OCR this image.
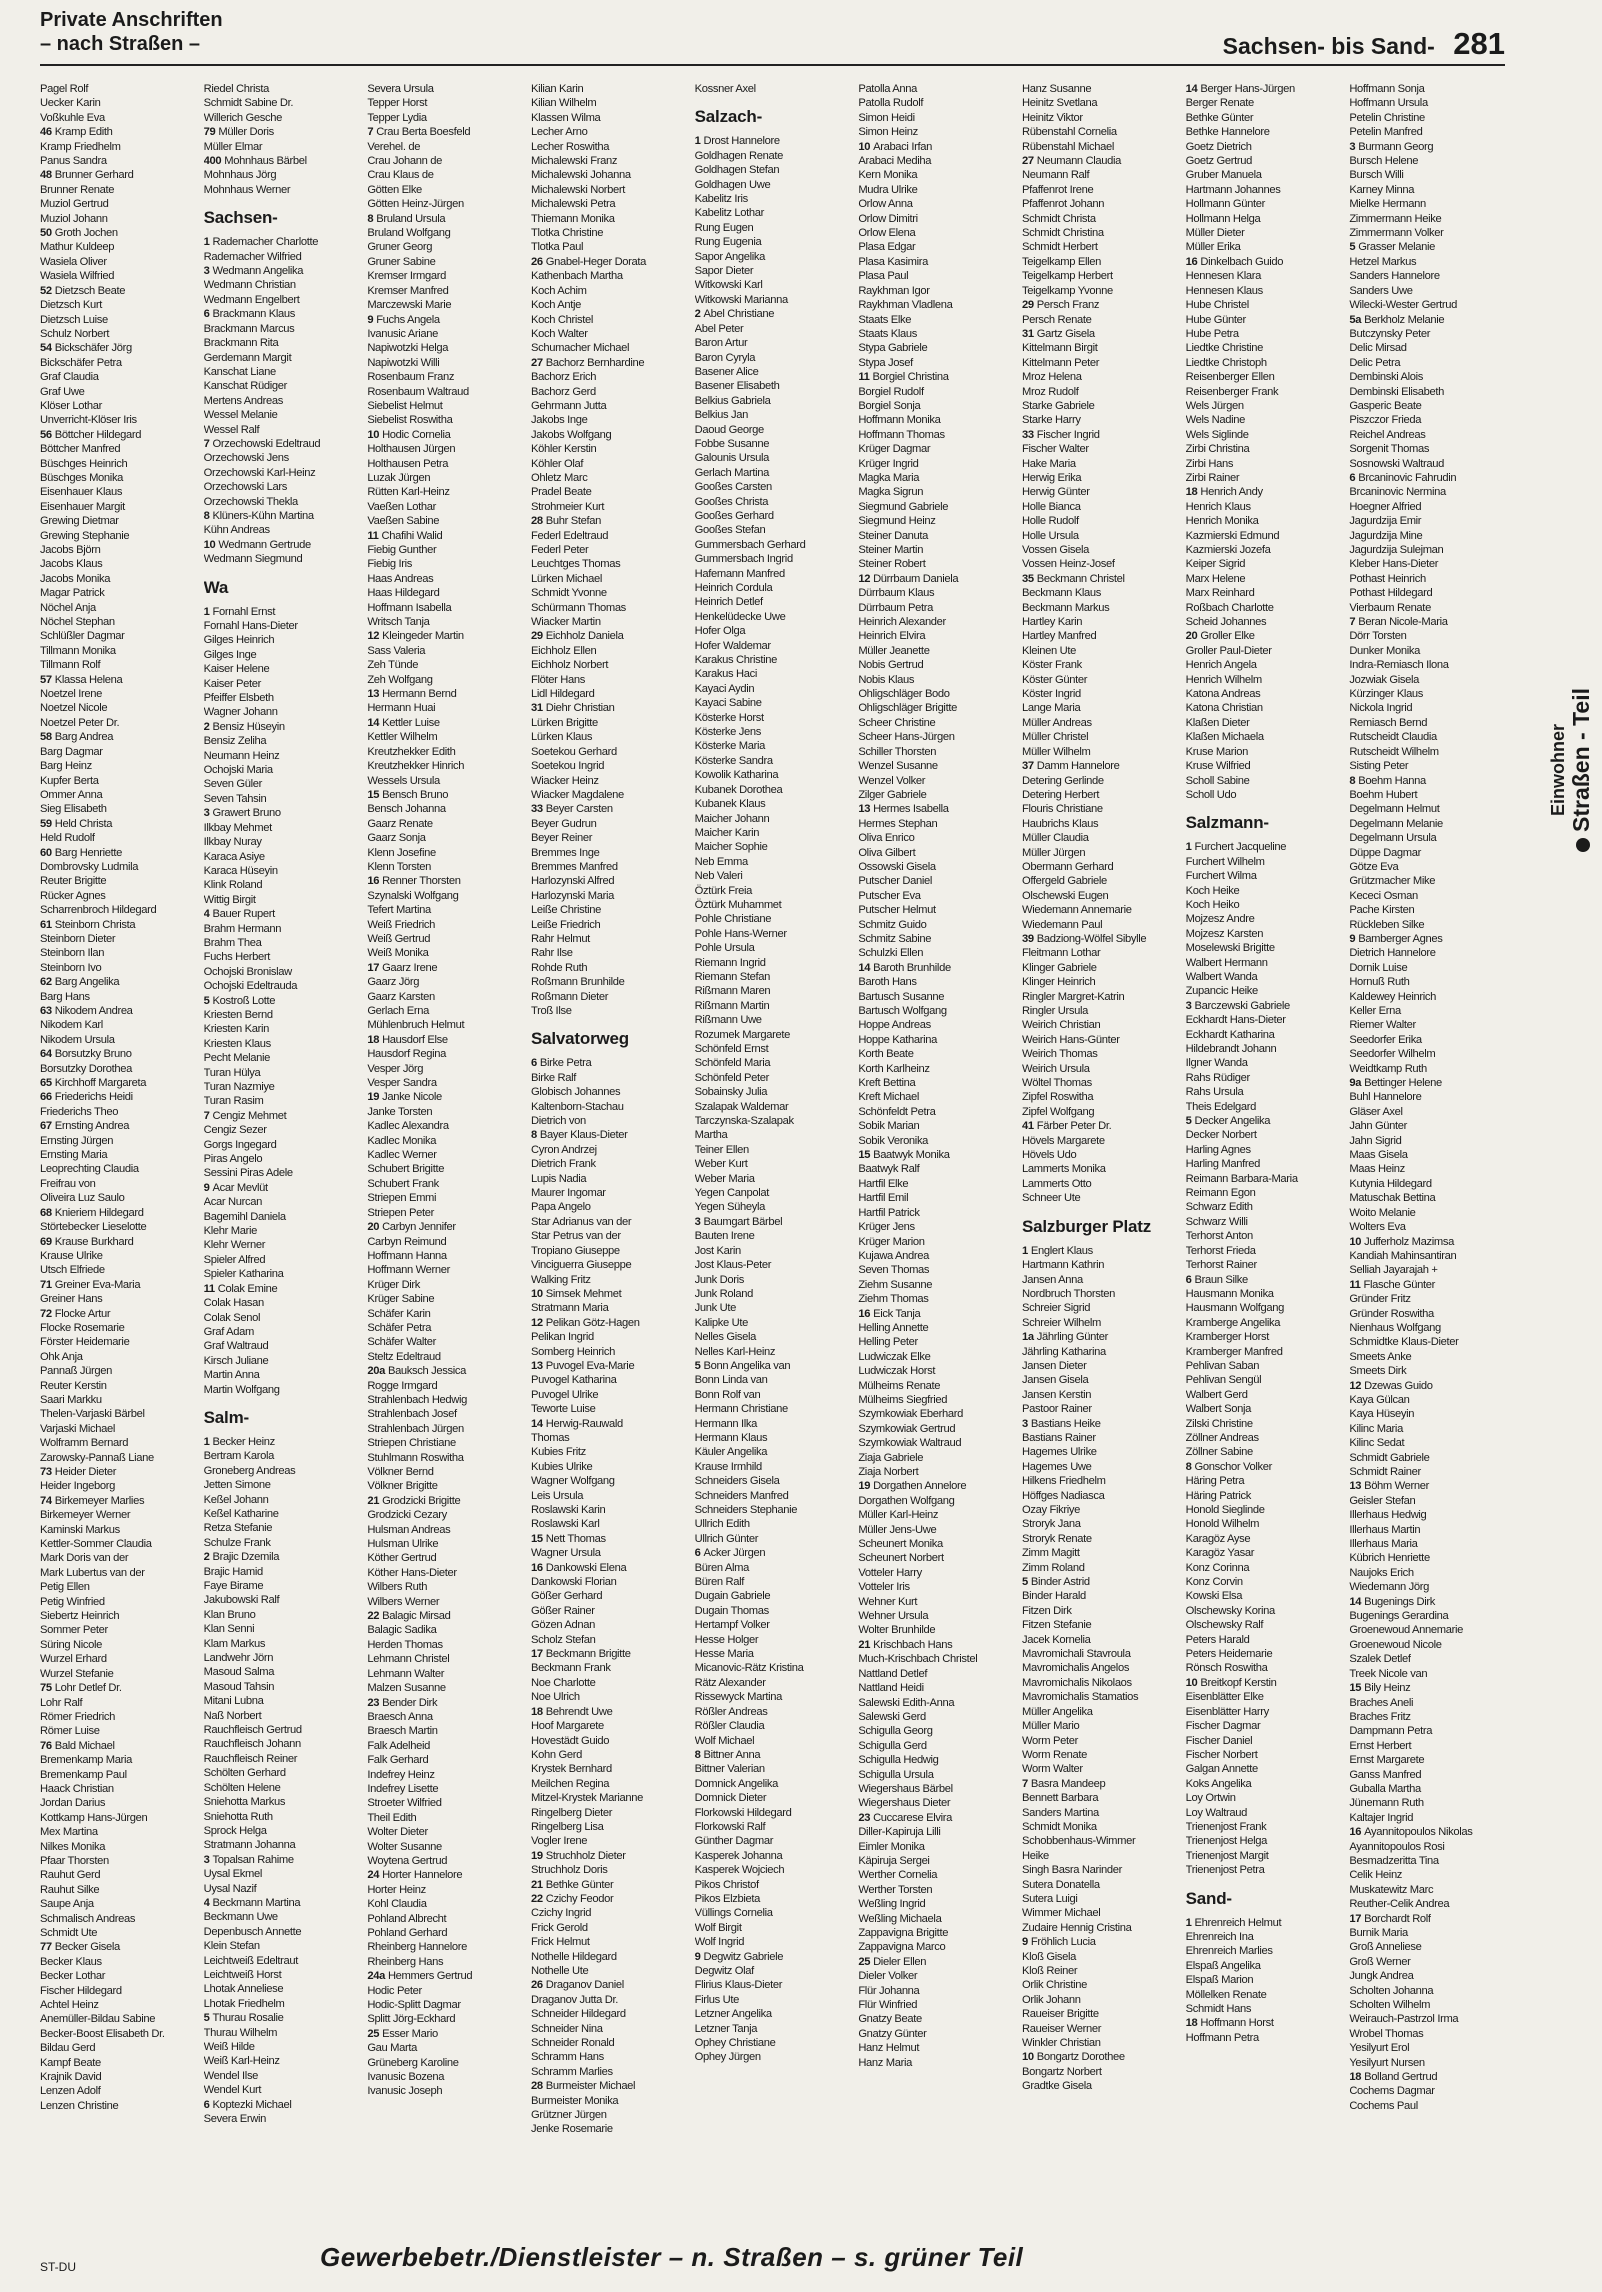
Private Anschriften
– nach Straßen –	Sachsen- bis Sand- 281
Pagel Rolf
Uecker Karin
Voßkuhle Eva
46 Kramp Edith
Kramp Friedhelm
Panus Sandra
48 Brunner Gerhard
Brunner Renate
Muziol Gertrud
Muziol Johann
50 Groth Jochen
Mathur Kuldeep
Wasiela Oliver
Wasiela Wilfried
52 Dietzsch Beate
Dietzsch Kurt
Dietzsch Luise
Schulz Norbert
54 Bickschäfer Jörg
Bickschäfer Petra
Graf Claudia
Graf Uwe
Klöser Lothar
Unverricht-Klöser Iris
56 Böttcher Hildegard
Böttcher Manfred
Büschges Heinrich
Büschges Monika
Eisenhauer Klaus
Eisenhauer Margit
Grewing Dietmar
Grewing Stephanie
Jacobs Björn
Jacobs Klaus
Jacobs Monika
Magar Patrick
Nöchel Anja
Nöchel Stephan
Schlüßler Dagmar
Tillmann Monika
Tillmann Rolf
57 Klassa Helena
Noetzel Irene
Noetzel Nicole
Noetzel Peter Dr.
58 Barg Andrea
Barg Dagmar
Barg Heinz
Kupfer Berta
Ommer Anna
Sieg Elisabeth
59 Held Christa
Held Rudolf
60 Barg Henriette
Dombrovsky Ludmila
Reuter Brigitte
Rücker Agnes
Scharrenbroch Hildegard
61 Steinborn Christa
Steinborn Dieter
Steinborn Ilan
Steinborn Ivo
62 Barg Angelika
Barg Hans
63 Nikodem Andrea
Nikodem Karl
Nikodem Ursula
64 Borsutzky Bruno
Borsutzky Dorothea
65 Kirchhoff Margareta
66 Friederichs Heidi
Friederichs Theo
67 Ernsting Andrea
Ernsting Jürgen
Ernsting Maria
Leoprechting Claudia
Freifrau von
Oliveira Luz Saulo
68 Knieriem Hildegard
Störtebecker Lieselotte
69 Krause Burkhard
Krause Ulrike
Utsch Elfriede
71 Greiner Eva-Maria
Greiner Hans
72 Flocke Artur
Flocke Rosemarie
Förster Heidemarie
Ohk Anja
Pannaß Jürgen
Reuter Kerstin
Saari Markku
Thelen-Varjaski Bärbel
Varjaski Michael
Wolframm Bernard
Zarowsky-Pannaß Liane
73 Heider Dieter
Heider Ingeborg
74 Birkemeyer Marlies
Birkemeyer Werner
Kaminski Markus
Kettler-Sommer Claudia
Mark Doris van der
Mark Lubertus van der
Petig Ellen
Petig Winfried
Siebertz Heinrich
Sommer Peter
Süring Nicole
Wurzel Erhard
Wurzel Stefanie
75 Lohr Detlef Dr.
Lohr Ralf
Römer Friedrich
Römer Luise
76 Bald Michael
Bremenkamp Maria
Bremenkamp Paul
Haack Christian
Jordan Darius
Kottkamp Hans-Jürgen
Mex Martina
Nilkes Monika
Pfaar Thorsten
Rauhut Gerd
Rauhut Silke
Saupe Anja
Schmalisch Andreas
Schmidt Ute
77 Becker Gisela
Becker Klaus
Becker Lothar
Fischer Hildegard
Achtel Heinz
Anemüller-Bildau Sabine
Becker-Boost Elisabeth Dr.
Bildau Gerd
Kampf Beate
Krajnik David
Lenzen Adolf
Lenzen Christine
Riedel Christa
Schmidt Sabine Dr.
Willerich Gesche
79 Müller Doris
Müller Elmar
400 Mohnhaus Bärbel
Mohnhaus Jörg
Mohnhaus Werner
Sachsen-
1 Rademacher Charlotte
Rademacher Wilfried
3 Wedmann Angelika
Wedmann Christian
Wedmann Engelbert
6 Brackmann Klaus
Brackmann Marcus
Brackmann Rita
Gerdemann Margit
Kanschat Liane
Kanschat Rüdiger
Mertens Andreas
Wessel Melanie
Wessel Ralf
7 Orzechowski Edeltraud
Orzechowski Jens
Orzechowski Karl-Heinz
Orzechowski Lars
Orzechowski Thekla
8 Klüners-Kühn Martina
Kühn Andreas
10 Wedmann Gertrude
Wedmann Siegmund
Wa
1 Fornahl Ernst
Fornahl Hans-Dieter
Gilges Heinrich
Gilges Inge
Kaiser Helene
Kaiser Peter
Pfeiffer Elsbeth
Wagner Johann
2 Bensiz Hüseyin
Bensiz Zeliha
Neumann Heinz
Ochojski Maria
Seven Güler
Seven Tahsin
3 Grawert Bruno
Ilkbay Mehmet
Ilkbay Nuray
Karaca Asiye
Karaca Hüseyin
Klink Roland
Wittig Birgit
4 Bauer Rupert
Brahm Hermann
Brahm Thea
Fuchs Herbert
Ochojski Bronislaw
Ochojski Edeltrauda
5 Kostroß Lotte
Kriesten Bernd
Kriesten Karin
Kriesten Klaus
Pecht Melanie
Turan Hülya
Turan Nazmiye
Turan Rasim
7 Cengiz Mehmet
Cengiz Sezer
Gorgs Ingegard
Piras Angelo
Sessini Piras Adele
9 Acar Mevlüt
Acar Nurcan
Bagemihl Daniela
Klehr Marie
Klehr Werner
Spieler Alfred
Spieler Katharina
11 Colak Emine
Colak Hasan
Colak Senol
Graf Adam
Graf Waltraud
Kirsch Juliane
Martin Anna
Martin Wolfgang
Salm-
1 Becker Heinz
Bertram Karola
Groneberg Andreas
Jetten Simone
Keßel Johann
Keßel Katharine
Retza Stefanie
Schulze Frank
2 Brajic Dzemila
Brajic Hamid
Faye Birame
Jakubowski Ralf
Klan Bruno
Klan Senni
Klam Markus
Landwehr Jörn
Masoud Salma
Masoud Tahsin
Mitani Lubna
Naß Norbert
Rauchfleisch Gertrud
Rauchfleisch Johann
Rauchfleisch Reiner
Schölten Gerhard
Schölten Helene
Sniehotta Markus
Sniehotta Ruth
Sprock Helga
Stratmann Johanna
3 Topalsan Rahime
Uysal Ekmel
Uysal Nazif
4 Beckmann Martina
Beckmann Uwe
Depenbusch Annette
Klein Stefan
Leichtweiß Edeltraut
Leichtweiß Horst
Lhotak Anneliese
Lhotak Friedhelm
5 Thurau Rosalie
Thurau Wilhelm
Weiß Hilde
Weiß Karl-Heinz
Wendel Ilse
Wendel Kurt
6 Koptezki Michael
Severa Erwin
Severa Ursula
Tepper Horst
Tepper Lydia
7 Crau Berta Boesfeld
Verehel. de
Crau Johann de
Crau Klaus de
Götten Elke
Götten Heinz-Jürgen
8 Bruland Ursula
Bruland Wolfgang
Gruner Georg
Gruner Sabine
Kremser Irmgard
Kremser Manfred
Marczewski Marie
9 Fuchs Angela
Ivanusic Ariane
Napiwotzki Helga
Napiwotzki Willi
Rosenbaum Franz
Rosenbaum Waltraud
Siebelist Helmut
Siebelist Roswitha
10 Hodic Cornelia
Holthausen Jürgen
Holthausen Petra
Luzak Jürgen
Rütten Karl-Heinz
Vaeßen Lothar
Vaeßen Sabine
11 Chafihi Walid
Fiebig Gunther
Fiebig Iris
Haas Andreas
Haas Hildegard
Hoffmann Isabella
Writsch Tanja
12 Kleingeder Martin
Sass Valeria
Zeh Tünde
Zeh Wolfgang
13 Hermann Bernd
Hermann Huai
14 Kettler Luise
Kettler Wilhelm
Kreutzhekker Edith
Kreutzhekker Hinrich
Wessels Ursula
15 Bensch Bruno
Bensch Johanna
Gaarz Renate
Gaarz Sonja
Klenn Josefine
Klenn Torsten
16 Renner Thorsten
Szynalski Wolfgang
Tefert Martina
Weiß Friedrich
Weiß Gertrud
Weiß Monika
17 Gaarz Irene
Gaarz Jörg
Gaarz Karsten
Gerlach Erna
Mühlenbruch Helmut
18 Hausdorf Else
Hausdorf Regina
Vesper Jörg
Vesper Sandra
19 Janke Nicole
Janke Torsten
Kadlec Alexandra
Kadlec Monika
Kadlec Werner
Schubert Brigitte
Schubert Frank
Striepen Emmi
Striepen Peter
20 Carbyn Jennifer
Carbyn Reimund
Hoffmann Hanna
Hoffmann Werner
Krüger Dirk
Krüger Sabine
Schäfer Karin
Schäfer Petra
Schäfer Walter
Steltz Edeltraud
20a Bauksch Jessica
Rogge Irmgard
Strahlenbach Hedwig
Strahlenbach Josef
Strahlenbach Jürgen
Striepen Christiane
Stuhlmann Roswitha
Völkner Bernd
Völkner Brigitte
21 Grodzicki Brigitte
Grodzicki Cezary
Hulsman Andreas
Hulsman Ulrike
Köther Gertrud
Köther Hans-Dieter
Wilbers Ruth
Wilbers Werner
22 Balagic Mirsad
Balagic Sadika
Herden Thomas
Lehmann Christel
Lehmann Walter
Malzen Susanne
23 Bender Dirk
Braesch Anna
Braesch Martin
Falk Adelheid
Falk Gerhard
Indefrey Heinz
Indefrey Lisette
Stroeter Wilfried
Theil Edith
Wolter Dieter
Wolter Susanne
Woytena Gertrud
24 Horter Hannelore
Horter Heinz
Kohl Claudia
Pohland Albrecht
Pohland Gerhard
Rheinberg Hannelore
Rheinberg Hans
24a Hemmers Gertrud
Hodic Peter
Hodic-Splitt Dagmar
Splitt Jörg-Eckhard
25 Esser Mario
Gau Marta
Grüneberg Karoline
Ivanusic Bozena
Ivanusic Joseph
Kilian Karin
Kilian Wilhelm
Klassen Wilma
Lecher Arno
Lecher Roswitha
Michalewski Franz
Michalewski Johanna
Michalewski Norbert
Michalewski Petra
Thiemann Monika
Tlotka Christine
Tlotka Paul
26 Gnabel-Heger Dorata
Kathenbach Martha
Koch Achim
Koch Antje
Koch Christel
Koch Walter
Schumacher Michael
27 Bachorz Bernhardine
Bachorz Erich
Bachorz Gerd
Gehrmann Jutta
Jakobs Inge
Jakobs Wolfgang
Köhler Kerstin
Köhler Olaf
Ohletz Marc
Pradel Beate
Strohmeier Kurt
28 Buhr Stefan
Federl Edeltraud
Federl Peter
Leuchtges Thomas
Lürken Michael
Schmidt Yvonne
Schürmann Thomas
Wiacker Martin
29 Eichholz Daniela
Eichholz Ellen
Eichholz Norbert
Flöter Hans
Lidl Hildegard
31 Diehr Christian
Lürken Brigitte
Lürken Klaus
Soetekou Gerhard
Soetekou Ingrid
Wiacker Heinz
Wiacker Magdalene
33 Beyer Carsten
Beyer Gudrun
Beyer Reiner
Bremmes Inge
Bremmes Manfred
Harlozynski Alfred
Harlozynski Maria
Leiße Christine
Leiße Friedrich
Rahr Helmut
Rahr Ilse
Rohde Ruth
Roßmann Brunhilde
Roßmann Dieter
Troß Ilse
Salvatorweg
6 Birke Petra
Birke Ralf
Globisch Johannes
Kaltenborn-Stachau
Dietrich von
8 Bayer Klaus-Dieter
Cyron Andrzej
Dietrich Frank
Lupis Nadia
Maurer Ingomar
Papa Angelo
Star Adrianus van der
Star Petrus van der
Tropiano Giuseppe
Vinciguerra Giuseppe
Walking Fritz
10 Simsek Mehmet
Stratmann Maria
12 Pelikan Götz-Hagen
Pelikan Ingrid
Somberg Heinrich
13 Puvogel Eva-Marie
Puvogel Katharina
Puvogel Ulrike
Teworte Luise
14 Herwig-Rauwald
Thomas
Kubies Fritz
Kubies Ulrike
Wagner Wolfgang
Leis Ursula
Roslawski Karin
Roslawski Karl
15 Nett Thomas
Wagner Ursula
16 Dankowski Elena
Dankowski Florian
Gößer Gerhard
Gößer Rainer
Gözen Adnan
Scholz Stefan
17 Beckmann Brigitte
Beckmann Frank
Noe Charlotte
Noe Ulrich
18 Behrendt Uwe
Hoof Margarete
Hovestädt Guido
Kohn Gerd
Krystek Bernhard
Meilchen Regina
Mitzel-Krystek Marianne
Ringelberg Dieter
Ringelberg Lisa
Vogler Irene
19 Struchholz Dieter
Struchholz Doris
21 Bethke Günter
22 Czichy Feodor
Czichy Ingrid
Frick Gerold
Frick Helmut
Nothelle Hildegard
Nothelle Ute
26 Draganov Daniel
Draganov Jutta Dr.
Schneider Hildegard
Schneider Nina
Schneider Ronald
Schramm Hans
Schramm Marlies
28 Burmeister Michael
Burmeister Monika
Grützner Jürgen
Jenke Rosemarie
Kossner Axel
Salzach-
1 Drost Hannelore
Goldhagen Renate
Goldhagen Stefan
Goldhagen Uwe
Kabelitz Iris
Kabelitz Lothar
Rung Eugen
Rung Eugenia
Sapor Angelika
Sapor Dieter
Witkowski Karl
Witkowski Marianna
2 Abel Christiane
Abel Peter
Baron Artur
Baron Cyryla
Basener Alice
Basener Elisabeth
Belkius Gabriela
Belkius Jan
Daoud George
Fobbe Susanne
Galounis Ursula
Gerlach Martina
Gooßes Carsten
Gooßes Christa
Gooßes Gerhard
Gooßes Stefan
Gummersbach Gerhard
Gummersbach Ingrid
Hafemann Manfred
Heinrich Cordula
Heinrich Detlef
Henkelüdecke Uwe
Hofer Olga
Hofer Waldemar
Karakus Christine
Karakus Haci
Kayaci Aydin
Kayaci Sabine
Kösterke Horst
Kösterke Jens
Kösterke Maria
Kösterke Sandra
Kowolik Katharina
Kubanek Dorothea
Kubanek Klaus
Maicher Johann
Maicher Karin
Maicher Sophie
Neb Emma
Neb Valeri
Öztürk Freia
Öztürk Muhammet
Pohle Christiane
Pohle Hans-Werner
Pohle Ursula
Riemann Ingrid
Riemann Stefan
Rißmann Maren
Rißmann Martin
Rißmann Uwe
Rozumek Margarete
Schönfeld Ernst
Schönfeld Maria
Schönfeld Peter
Sobainsky Julia
Szalapak Waldemar
Tarczynska-Szalapak
Martha
Teiner Ellen
Weber Kurt
Weber Maria
Yegen Canpolat
Yegen Süheyla
3 Baumgart Bärbel
Bauten Irene
Jost Karin
Jost Klaus-Peter
Junk Doris
Junk Roland
Junk Ute
Kalipke Ute
Nelles Gisela
Nelles Karl-Heinz
5 Bonn Angelika van
Bonn Linda van
Bonn Rolf van
Hermann Christiane
Hermann Ilka
Hermann Klaus
Käuler Angelika
Krause Irmhild
Schneiders Gisela
Schneiders Manfred
Schneiders Stephanie
Ullrich Edith
Ullrich Günter
6 Acker Jürgen
Büren Alma
Büren Ralf
Dugain Gabriele
Dugain Thomas
Hertampf Volker
Hesse Holger
Hesse Maria
Micanovic-Rätz Kristina
Rätz Alexander
Rissewyck Martina
Rößler Andreas
Rößler Claudia
Wolf Michael
8 Bittner Anna
Bittner Valerian
Domnick Angelika
Domnick Dieter
Florkowski Hildegard
Florkowski Ralf
Günther Dagmar
Kasperek Johanna
Kasperek Wojciech
Pikos Christof
Pikos Elzbieta
Vüllings Cornelia
Wolf Birgit
Wolf Ingrid
9 Degwitz Gabriele
Degwitz Olaf
Flirius Klaus-Dieter
Firlus Ute
Letzner Angelika
Letzner Tanja
Ophey Christiane
Ophey Jürgen
Patolla Anna
Patolla Rudolf
Simon Heidi
Simon Heinz
10 Arabaci Irfan
Arabaci Mediha
Kern Monika
Mudra Ulrike
Orlow Anna
Orlow Dimitri
Orlow Elena
Plasa Edgar
Plasa Kasimira
Plasa Paul
Raykhman Igor
Raykhman Vladlena
Staats Elke
Staats Klaus
Stypa Gabriele
Stypa Josef
11 Borgiel Christina
Borgiel Rudolf
Borgiel Sonja
Hoffmann Monika
Hoffmann Thomas
Krüger Dagmar
Krüger Ingrid
Magka Maria
Magka Sigrun
Siegmund Gabriele
Siegmund Heinz
Steiner Danuta
Steiner Martin
Steiner Robert
12 Dürrbaum Daniela
Dürrbaum Klaus
Dürrbaum Petra
Heinrich Alexander
Heinrich Elvira
Müller Jeanette
Nobis Gertrud
Nobis Klaus
Ohligschläger Bodo
Ohligschläger Brigitte
Scheer Christine
Scheer Hans-Jürgen
Schiller Thorsten
Wenzel Susanne
Wenzel Volker
Zilger Gabriele
13 Hermes Isabella
Hermes Stephan
Oliva Enrico
Oliva Gilbert
Ossowski Gisela
Putscher Daniel
Putscher Eva
Putscher Helmut
Schmitz Guido
Schmitz Sabine
Schulzki Ellen
14 Baroth Brunhilde
Baroth Hans
Bartusch Susanne
Bartusch Wolfgang
Hoppe Andreas
Hoppe Katharina
Korth Beate
Korth Karlheinz
Kreft Bettina
Kreft Michael
Schönfeldt Petra
Sobik Marian
Sobik Veronika
15 Baatwyk Monika
Baatwyk Ralf
Hartfil Elke
Hartfil Emil
Hartfil Patrick
Krüger Jens
Krüger Marion
Kujawa Andrea
Seven Thomas
Ziehm Susanne
Ziehm Thomas
16 Eick Tanja
Helling Annette
Helling Peter
Ludwiczak Elke
Ludwiczak Horst
Mülheims Renate
Mülheims Siegfried
Szymkowiak Eberhard
Szymkowiak Gertrud
Szymkowiak Waltraud
Ziaja Gabriele
Ziaja Norbert
19 Dorgathen Annelore
Dorgathen Wolfgang
Müller Karl-Heinz
Müller Jens-Uwe
Scheunert Monika
Scheunert Norbert
Votteler Harry
Votteler Iris
Wehner Kurt
Wehner Ursula
Wolter Brunhilde
21 Krischbach Hans
Much-Krischbach Christel
Nattland Detlef
Nattland Heidi
Salewski Edith-Anna
Salewski Gerd
Schigulla Georg
Schigulla Gerd
Schigulla Hedwig
Schigulla Ursula
Wiegershaus Bärbel
Wiegershaus Dieter
23 Cuccarese Elvira
Diller-Kapiruja Lilli
Eimler Monika
Käpiruja Sergei
Werther Cornelia
Werther Torsten
Weßling Ingrid
Weßling Michaela
Zappavigna Brigitte
Zappavigna Marco
25 Dieler Ellen
Dieler Volker
Flür Johanna
Flür Winfried
Gnatzy Beate
Gnatzy Günter
Hanz Helmut
Hanz Maria
Hanz Susanne
Heinitz Svetlana
Heinitz Viktor
Rübenstahl Cornelia
Rübenstahl Michael
27 Neumann Claudia
Neumann Ralf
Pfaffenrot Irene
Pfaffenrot Johann
Schmidt Christa
Schmidt Christina
Schmidt Herbert
Teigelkamp Ellen
Teigelkamp Herbert
Teigelkamp Yvonne
29 Persch Franz
Persch Renate
31 Gartz Gisela
Kittelmann Birgit
Kittelmann Peter
Mroz Helena
Mroz Rudolf
Starke Gabriele
Starke Harry
33 Fischer Ingrid
Fischer Walter
Hake Maria
Herwig Erika
Herwig Günter
Holle Bianca
Holle Rudolf
Holle Ursula
Vossen Gisela
Vossen Heinz-Josef
35 Beckmann Christel
Beckmann Klaus
Beckmann Markus
Hartley Karin
Hartley Manfred
Kleinen Ute
Köster Frank
Köster Günter
Köster Ingrid
Lange Maria
Müller Andreas
Müller Christel
Müller Wilhelm
37 Damm Hannelore
Detering Gerlinde
Detering Herbert
Flouris Christiane
Haubrichs Klaus
Müller Claudia
Müller Jürgen
Obermann Gerhard
Offergeld Gabriele
Olschewski Eugen
Wiedemann Annemarie
Wiedemann Paul
39 Badziong-Wölfel Sibylle
Fleitmann Lothar
Klinger Gabriele
Klinger Heinrich
Ringler Margret-Katrin
Ringler Ursula
Weirich Christian
Weirich Hans-Günter
Weirich Thomas
Weirich Ursula
Wöltel Thomas
Zipfel Roswitha
Zipfel Wolfgang
41 Färber Peter Dr.
Hövels Margarete
Hövels Udo
Lammerts Monika
Lammerts Otto
Schneer Ute
Salzburger Platz
1 Englert Klaus
Hartmann Kathrin
Jansen Anna
Nordbruch Thorsten
Schreier Sigrid
Schreier Wilhelm
1a Jährling Günter
Jährling Katharina
Jansen Dieter
Jansen Gisela
Jansen Kerstin
Pastoor Rainer
3 Bastians Heike
Bastians Rainer
Hagemes Ulrike
Hagemes Uwe
Hilkens Friedhelm
Höffges Nadiasca
Ozay Fikriye
Stroryk Jana
Stroryk Renate
Zimm Magitt
Zimm Roland
5 Binder Astrid
Binder Harald
Fitzen Dirk
Fitzen Stefanie
Jacek Kornelia
Mavromichali Stavroula
Mavromichalis Angelos
Mavromichalis Nikolaos
Mavromichalis Stamatios
Müller Angelika
Müller Mario
Worm Peter
Worm Renate
Worm Walter
7 Basra Mandeep
Bennett Barbara
Sanders Martina
Schmidt Monika
Schobbenhaus-Wimmer
Heike
Singh Basra Narinder
Sutera Donatella
Sutera Luigi
Wimmer Michael
Zudaire Hennig Cristina
9 Fröhlich Lucia
Kloß Gisela
Kloß Reiner
Orlik Christine
Orlik Johann
Raueiser Brigitte
Raueiser Werner
Winkler Christian
10 Bongartz Dorothee
Bongartz Norbert
Gradtke Gisela
14 Berger Hans-Jürgen
Berger Renate
Bethke Günter
Bethke Hannelore
Goetz Dietrich
Goetz Gertrud
Gruber Manuela
Hartmann Johannes
Hollmann Günter
Hollmann Helga
Müller Dieter
Müller Erika
16 Dinkelbach Guido
Hennesen Klara
Hennesen Klaus
Hube Christel
Hube Günter
Hube Petra
Liedtke Christine
Liedtke Christoph
Reisenberger Ellen
Reisenberger Frank
Wels Jürgen
Wels Nadine
Wels Siglinde
Zirbi Christina
Zirbi Hans
Zirbi Rainer
18 Henrich Andy
Henrich Klaus
Henrich Monika
Kazmierski Edmund
Kazmierski Jozefa
Keiper Sigrid
Marx Helene
Marx Reinhard
Roßbach Charlotte
Scheid Johannes
20 Groller Elke
Groller Paul-Dieter
Henrich Angela
Henrich Wilhelm
Katona Andreas
Katona Christian
Klaßen Dieter
Klaßen Michaela
Kruse Marion
Kruse Wilfried
Scholl Sabine
Scholl Udo
Salzmann-
1 Furchert Jacqueline
Furchert Wilhelm
Furchert Wilma
Koch Heike
Koch Heiko
Mojzesz Andre
Mojzesz Karsten
Moselewski Brigitte
Walbert Hermann
Walbert Wanda
Zupancic Heike
3 Barczewski Gabriele
Eckhardt Hans-Dieter
Eckhardt Katharina
Hildebrandt Johann
Ilgner Wanda
Rahs Rüdiger
Rahs Ursula
Theis Edelgard
5 Decker Angelika
Decker Norbert
Harling Agnes
Harling Manfred
Reimann Barbara-Maria
Reimann Egon
Schwarz Edith
Schwarz Willi
Terhorst Anton
Terhorst Frieda
Terhorst Rainer
6 Braun Silke
Hausmann Monika
Hausmann Wolfgang
Kramberge Angelika
Kramberger Horst
Kramberger Manfred
Pehlivan Saban
Pehlivan Sengül
Walbert Gerd
Walbert Sonja
Zilski Christine
Zöllner Andreas
Zöllner Sabine
8 Gonschor Volker
Häring Petra
Häring Patrick
Honold Sieglinde
Honold Wilhelm
Karagöz Ayse
Karagöz Yasar
Konz Corinna
Konz Corvin
Kowski Elsa
Olschewsky Korina
Olschewsky Ralf
Peters Harald
Peters Heidemarie
Rönsch Roswitha
10 Breitkopf Kerstin
Eisenblätter Elke
Eisenblätter Harry
Fischer Dagmar
Fischer Daniel
Fischer Norbert
Galgan Annette
Koks Angelika
Loy Ortwin
Loy Waltraud
Trienenjost Frank
Trienenjost Helga
Trienenjost Margit
Trienenjost Petra
Sand-
1 Ehrenreich Helmut
Ehrenreich Ina
Ehrenreich Marlies
Elspaß Angelika
Elspaß Marion
Möllelken Renate
Schmidt Hans
18 Hoffmann Horst
Hoffmann Petra
Hoffmann Sonja
Hoffmann Ursula
Petelin Christine
Petelin Manfred
3 Burmann Georg
Bursch Helene
Bursch Willi
Karney Minna
Mielke Hermann
Zimmermann Heike
Zimmermann Volker
5 Grasser Melanie
Hetzel Markus
Sanders Hannelore
Sanders Uwe
Wilecki-Wester Gertrud
5a Berkholz Melanie
Butczynsky Peter
Delic Mirsad
Delic Petra
Dembinski Alois
Dembinski Elisabeth
Gasperic Beate
Piszczor Frieda
Reichel Andreas
Sorgenit Thomas
Sosnowski Waltraud
6 Brcaninovic Fahrudin
Brcaninovic Nermina
Hoegner Alfried
Jagurdzija Emir
Jagurdzija Mine
Jagurdzija Sulejman
Kleber Hans-Dieter
Pothast Heinrich
Pothast Hildegard
Vierbaum Renate
7 Beran Nicole-Maria
Dörr Torsten
Dunker Monika
Indra-Remiasch Ilona
Jozwiak Gisela
Kürzinger Klaus
Nickola Ingrid
Remiasch Bernd
Rutscheidt Claudia
Rutscheidt Wilhelm
Sisting Peter
8 Boehm Hanna
Boehm Hubert
Degelmann Helmut
Degelmann Melanie
Degelmann Ursula
Düppe Dagmar
Götze Eva
Grützmacher Mike
Kececi Osman
Pache Kirsten
Rückleben Silke
9 Bamberger Agnes
Dietrich Hannelore
Dornik Luise
Hornuß Ruth
Kaldewey Heinrich
Keller Erna
Riemer Walter
Seedorfer Erika
Seedorfer Wilhelm
Weidtkamp Ruth
9a Bettinger Helene
Buhl Hannelore
Gläser Axel
Jahn Günter
Jahn Sigrid
Maas Gisela
Maas Heinz
Kutynia Hildegard
Matuschak Bettina
Woito Melanie
Wolters Eva
10 Jufferholz Mazimsa
Kandiah Mahinsantiran
Selliah Jayarajah +
11 Flasche Günter
Gründer Fritz
Gründer Roswitha
Nienhaus Wolfgang
Schmidtke Klaus-Dieter
Smeets Anke
Smeets Dirk
12 Dzewas Guido
Kaya Gülcan
Kaya Hüseyin
Kilinc Maria
Kilinc Sedat
Schmidt Gabriele
Schmidt Rainer
13 Böhm Werner
Geisler Stefan
Illerhaus Hedwig
Illerhaus Martin
Illerhaus Maria
Kübrich Henriette
Naujoks Erich
Wiedemann Jörg
14 Bugenings Dirk
Bugenings Gerardina
Groenewoud Annemarie
Groenewoud Nicole
Szalek Detlef
Treek Nicole van
15 Bily Heinz
Braches Aneli
Braches Fritz
Dampmann Petra
Ernst Herbert
Ernst Margarete
Ganss Manfred
Guballa Martha
Jünemann Ruth
Kaltajer Ingrid
16 Ayannitopoulos Nikolas
Ayannitopoulos Rosi
Besmadzeritta Tina
Celik Heinz
Muskatewitz Marc
Reuther-Celik Andrea
17 Borchardt Rolf
Burnik Maria
Groß Anneliese
Groß Werner
Jungk Andrea
Scholten Johanna
Scholten Wilhelm
Weirauch-Pastrzol Irma
Wrobel Thomas
Yesilyurt Erol
Yesilyurt Nursen
18 Bolland Gertrud
Cochems Dagmar
Cochems Paul
Einwohner Straßen - Teil
ST-DU	Gewerbebetr./Dienstleister – n. Straßen – s. grüner Teil
